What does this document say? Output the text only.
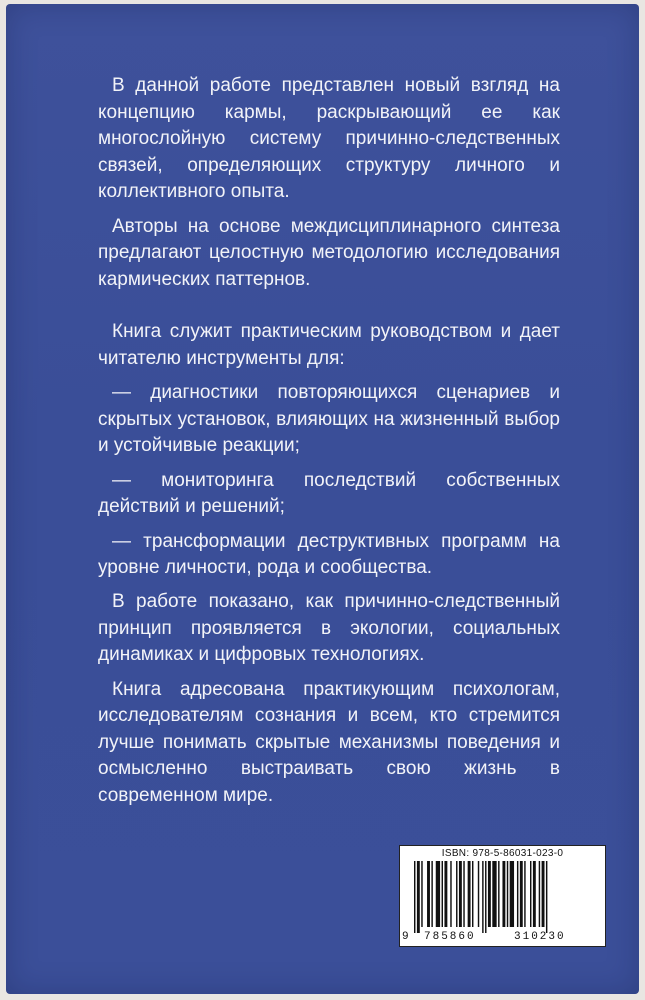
В данной работе представлен новый взгляд на концепцию кармы, раскрывающий ее как многослойную систему причинно-следственных связей, определяющих структуру личного и коллективного опыта.

Авторы на основе междисциплинарного синтеза предлагают целостную методологию исследования кармических паттернов.

Книга служит практическим руководством и дает читателю инструменты для:

— диагностики повторяющихся сценариев и скрытых установок, влияющих на жизненный выбор и устойчивые реакции;

— мониторинга последствий собственных действий и решений;

— трансформации деструктивных программ на уровне личности, рода и сообщества.

В работе показано, как причинно-следственный принцип проявляется в экологии, социальных динамиках и цифровых технологиях.

Книга адресована практикующим психологам, исследователям сознания и всем, кто стремится лучше понимать скрытые механизмы поведения и осмысленно выстраивать свою жизнь в современном мире.

ISBN: 978-5-86031-023-0
9 785860	310230
